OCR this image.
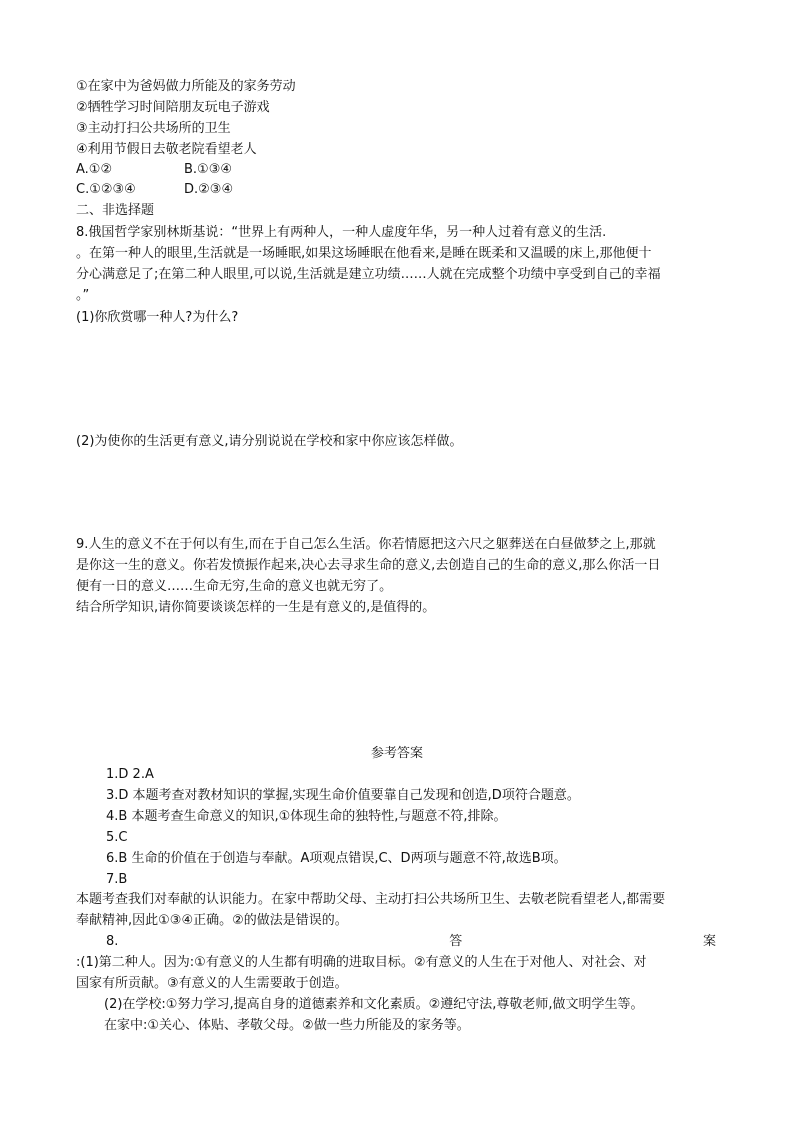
①在家中为爸妈做力所能及的家务劳动
②牺牲学习时间陪朋友玩电子游戏
③主动打扫公共场所的卫生
④利用节假日去敬老院看望老人
A.①②	B.①③④
C.①②③④	D.②③④
二、非选择题
8.俄国哲学家别林斯基说：“世界上有两种人，一种人虚度年华，另一种人过着有意义的生活.
。在第一种人的眼里,生活就是一场睡眠,如果这场睡眠在他看来,是睡在既柔和又温暖的床上,那他便十
分心满意足了;在第二种人眼里,可以说,生活就是建立功绩……人就在完成整个功绩中享受到自己的幸福
。”
(1)你欣赏哪一种人?为什么?
(2)为使你的生活更有意义,请分别说说在学校和家中你应该怎样做。
9.人生的意义不在于何以有生,而在于自己怎么生活。你若情愿把这六尺之躯葬送在白昼做梦之上,那就
是你这一生的意义。你若发愤振作起来,决心去寻求生命的意义,去创造自己的生命的意义,那么你活一日
便有一日的意义……生命无穷,生命的意义也就无穷了。
结合所学知识,请你简要谈谈怎样的一生是有意义的,是值得的。
参考答案
1.D 2.A
3.D 本题考查对教材知识的掌握,实现生命价值要靠自己发现和创造,D项符合题意。
4.B 本题考查生命意义的知识,①体现生命的独特性,与题意不符,排除。
5.C
6.B 生命的价值在于创造与奉献。A项观点错误,C、D两项与题意不符,故选B项。
7.B
本题考查我们对奉献的认识能力。在家中帮助父母、主动打扫公共场所卫生、去敬老院看望老人,都需要
奉献精神,因此①③④正确。②的做法是错误的。
8.	答	案
:(1)第二种人。因为:①有意义的人生都有明确的进取目标。②有意义的人生在于对他人、对社会、对
国家有所贡献。③有意义的人生需要敢于创造。
(2)在学校:①努力学习,提高自身的道德素养和文化素质。②遵纪守法,尊敬老师,做文明学生等。
在家中:①关心、体贴、孝敬父母。②做一些力所能及的家务等。
